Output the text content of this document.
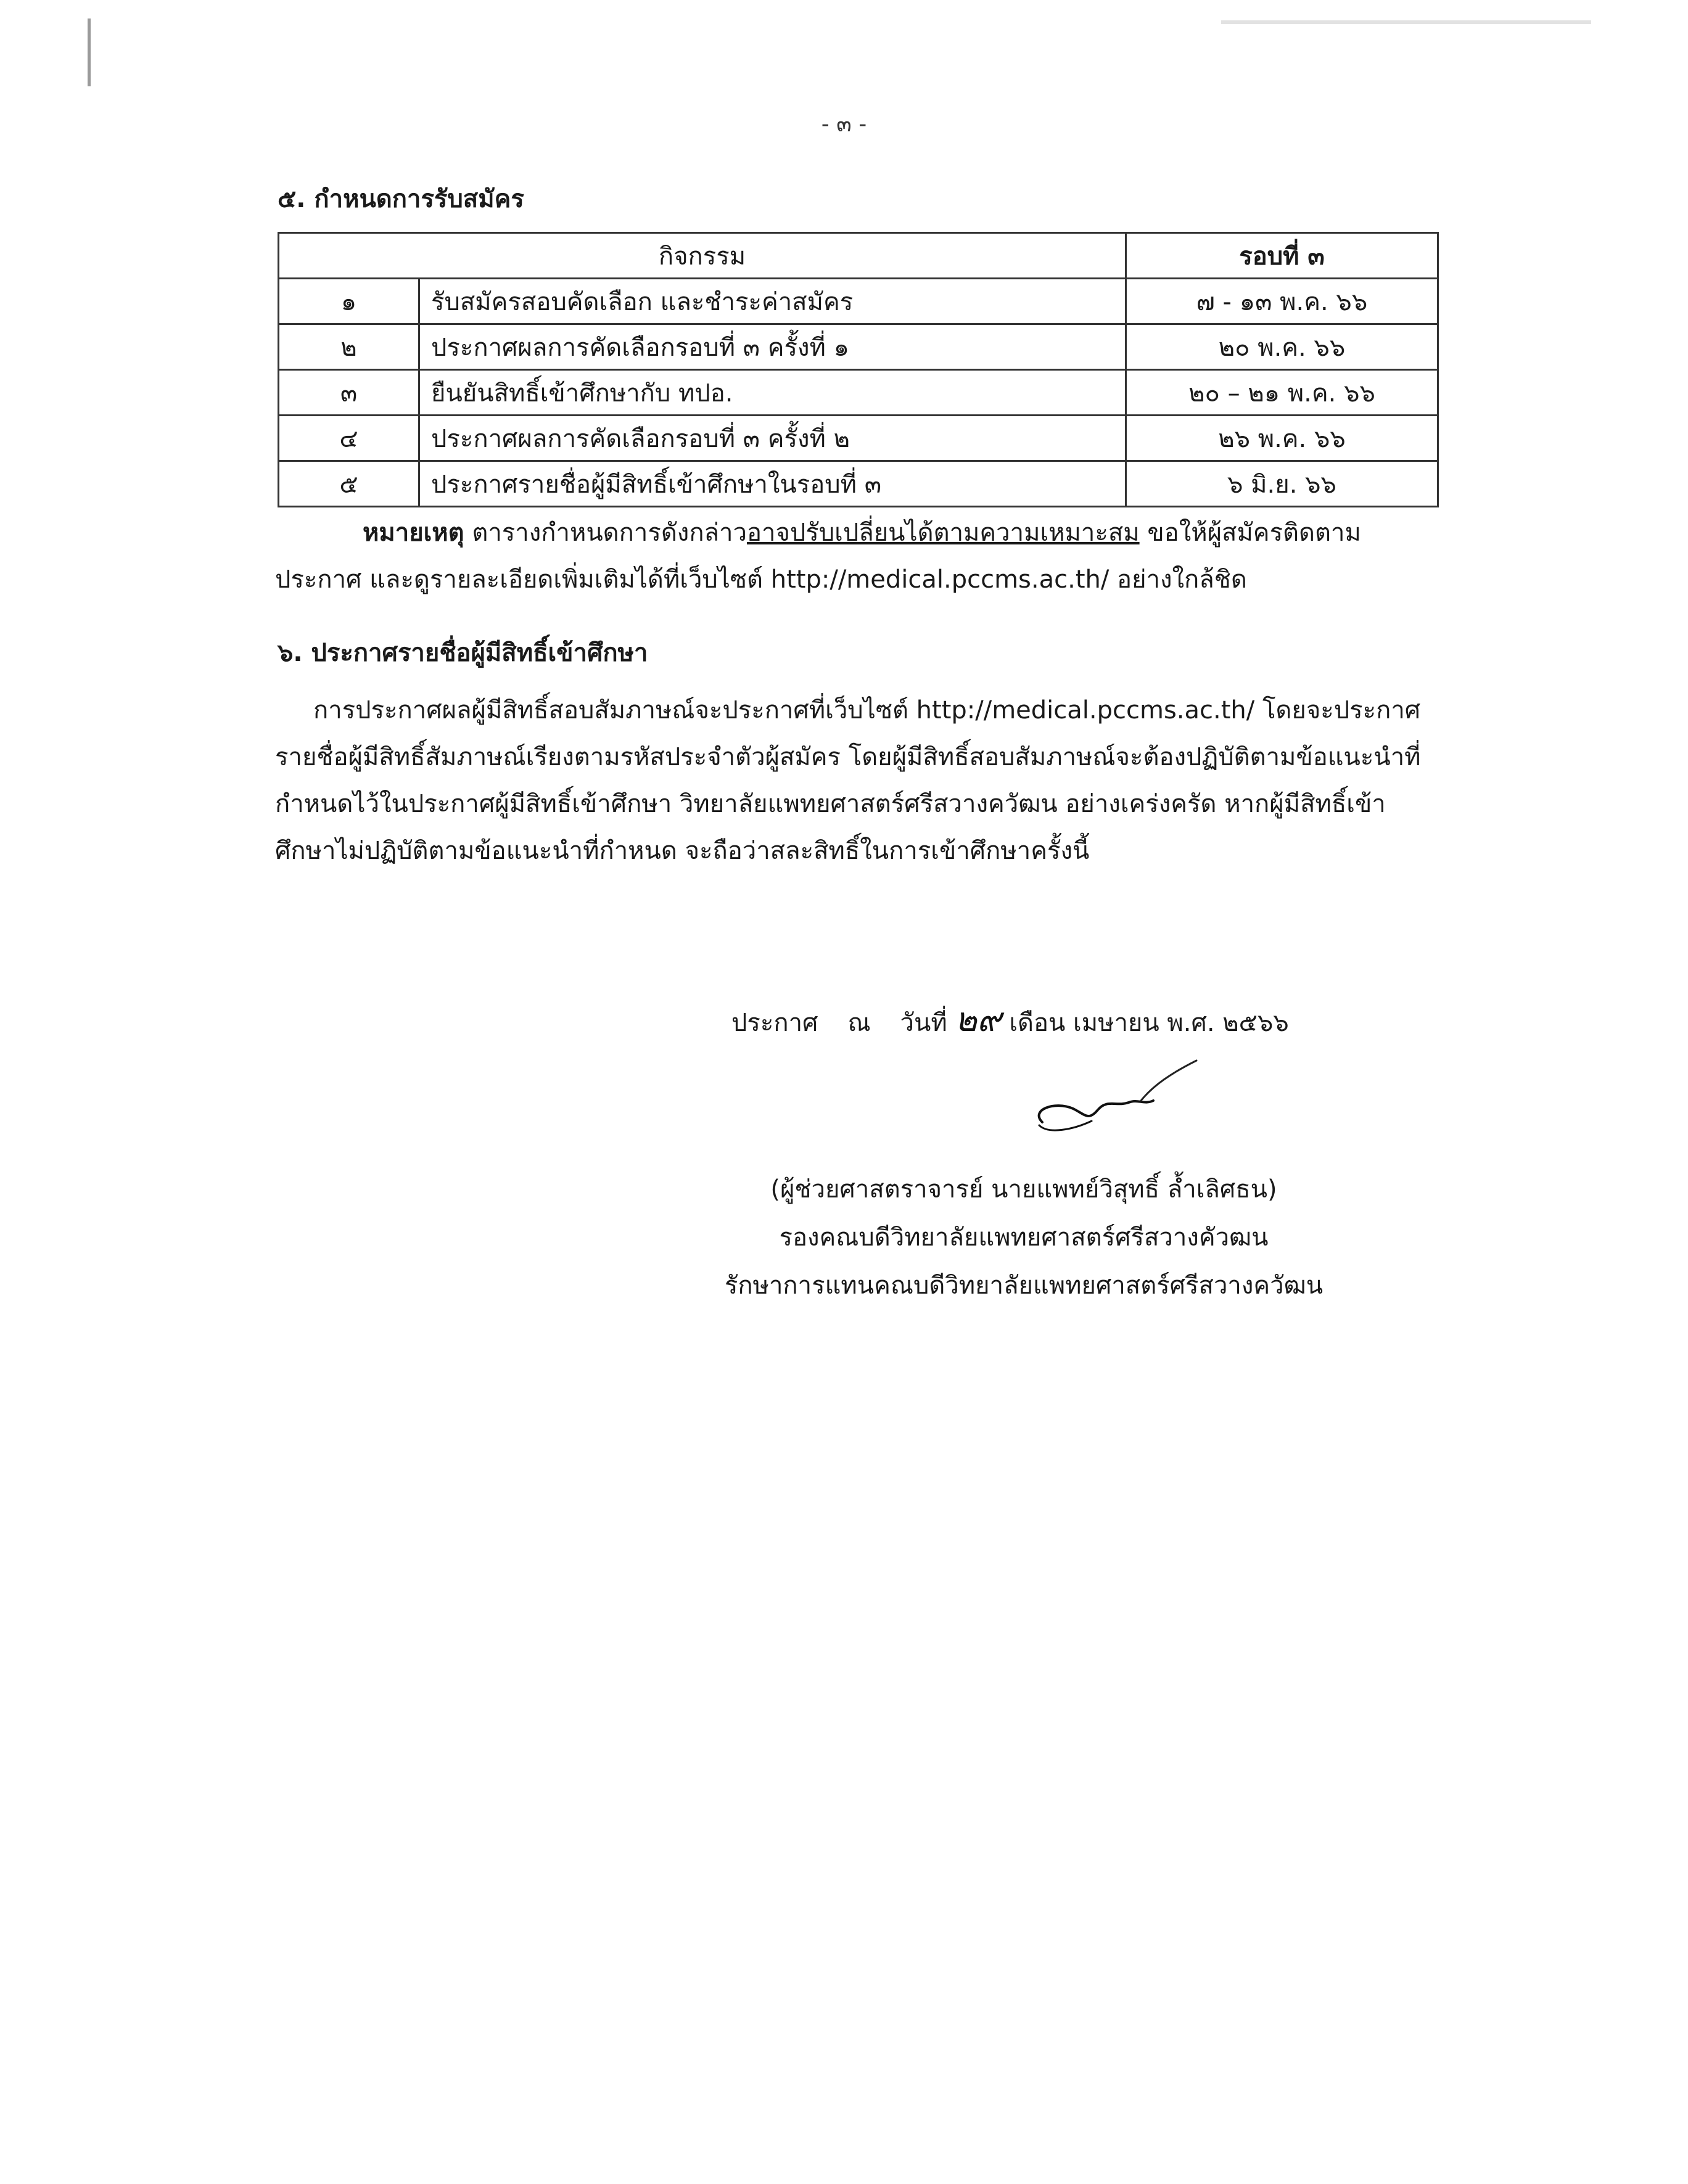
- ๓ -
๕. กำหนดการรับสมัคร
กิจกรรม		รอบที่ ๓
๑	รับสมัครสอบคัดเลือก และชำระค่าสมัคร	๗ - ๑๓ พ.ค. ๖๖
๒	ประกาศผลการคัดเลือกรอบที่ ๓ ครั้งที่ ๑	๒๐ พ.ค. ๖๖
๓	ยืนยันสิทธิ์เข้าศึกษากับ ทปอ.	๒๐ – ๒๑ พ.ค. ๖๖
๔	ประกาศผลการคัดเลือกรอบที่ ๓ ครั้งที่ ๒	๒๖ พ.ค. ๖๖
๕	ประกาศรายชื่อผู้มีสิทธิ์เข้าศึกษาในรอบที่ ๓	๖ มิ.ย. ๖๖
หมายเหตุ ตารางกำหนดการดังกล่าวอาจปรับเปลี่ยนได้ตามความเหมาะสม ขอให้ผู้สมัครติดตาม
ประกาศ และดูรายละเอียดเพิ่มเติมได้ที่เว็บไซต์ http://medical.pccms.ac.th/ อย่างใกล้ชิด
๖. ประกาศรายชื่อผู้มีสิทธิ์เข้าศึกษา
การประกาศผลผู้มีสิทธิ์สอบสัมภาษณ์จะประกาศที่เว็บไซต์ http://medical.pccms.ac.th/ โดยจะประกาศ
รายชื่อผู้มีสิทธิ์สัมภาษณ์เรียงตามรหัสประจำตัวผู้สมัคร โดยผู้มีสิทธิ์สอบสัมภาษณ์จะต้องปฏิบัติตามข้อแนะนำที่
กำหนดไว้ในประกาศผู้มีสิทธิ์เข้าศึกษา วิทยาลัยแพทยศาสตร์ศรีสวางควัฒน อย่างเคร่งครัด หากผู้มีสิทธิ์เข้า
ศึกษาไม่ปฏิบัติตามข้อแนะนำที่กำหนด จะถือว่าสละสิทธิ์ในการเข้าศึกษาครั้งนี้
ประกาศ ณ วันที่ ๒๙ เดือน เมษายน พ.ศ. ๒๕๖๖
(ผู้ช่วยศาสตราจารย์ นายแพทย์วิสุทธิ์ ล้ำเลิศธน)
รองคณบดีวิทยาลัยแพทยศาสตร์ศรีสวางคัวฒน
รักษาการแทนคณบดีวิทยาลัยแพทยศาสตร์ศรีสวางควัฒน
